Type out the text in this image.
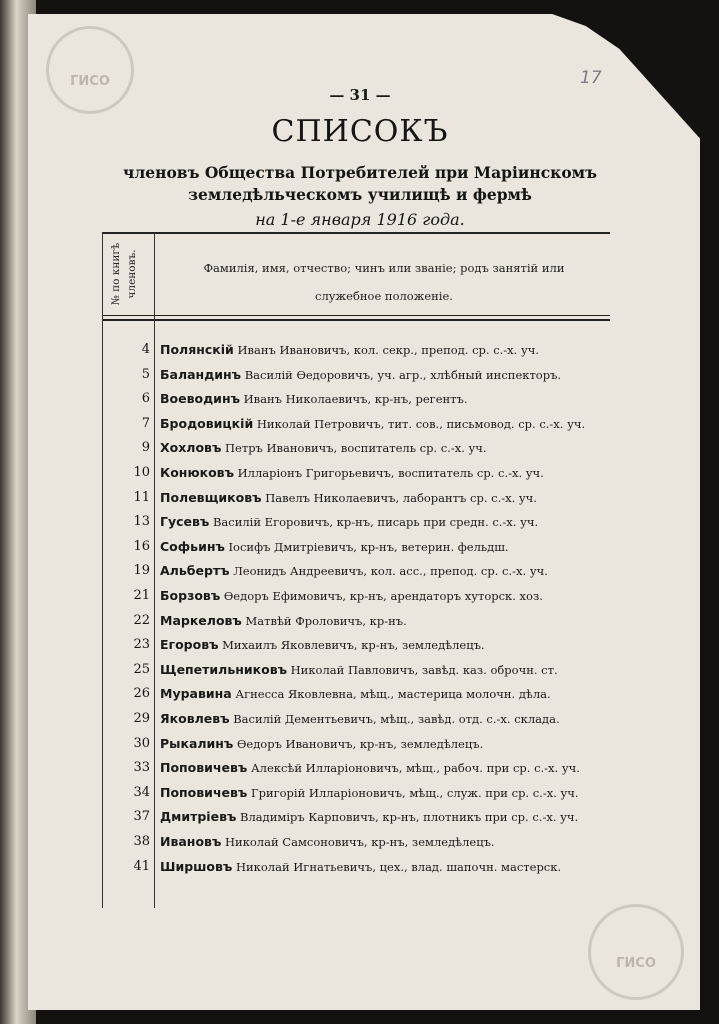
ГИСО
ГИСО
— 31 —
17
СПИСОКЪ
членовъ Общества Потребителей при Маріинскомъ
земледѣльческомъ училищѣ и фермѣ
на 1-е января 1916 года.
№ по книгѣ членовъ.	Фамилія, имя, отчество; чинъ или званіе; родъ занятій или
служебное положеніе.
4 Полянскій Иванъ Ивановичъ, кол. секр., препод. ср. с.-х. уч.
5 Баландинъ Василій Ѳедоровичъ, уч. агр., хлѣбный инспекторъ.
6 Воеводинъ Иванъ Николаевичъ, кр-нъ, регентъ.
7 Бродовицкій Николай Петровичъ, тит. сов., письмовод. ср. с.-х. уч.
9 Хохловъ Петръ Ивановичъ, воспитатель ср. с.-х. уч.
10 Конюковъ Илларіонъ Григорьевичъ, воспитатель ср. с.-х. уч.
11 Полевщиковъ Павелъ Николаевичъ, лаборантъ ср. с.-х. уч.
13 Гусевъ Василій Егоровичъ, кр-нъ, писарь при средн. с.-х. уч.
16 Софьинъ Іосифъ Дмитріевичъ, кр-нъ, ветерин. фельдш.
19 Альбертъ Леонидъ Андреевичъ, кол. асс., препод. ср. с.-х. уч.
21 Борзовъ Ѳедоръ Ефимовичъ, кр-нъ, арендаторъ хуторск. хоз.
22 Маркеловъ Матвѣй Фроловичъ, кр-нъ.
23 Егоровъ Михаилъ Яковлевичъ, кр-нъ, земледѣлецъ.
25 Щепетильниковъ Николай Павловичъ, завѣд. каз. оброчн. ст.
26 Муравина Агнесса Яковлевна, мѣщ., мастерица молочн. дѣла.
29 Яковлевъ Василій Дементьевичъ, мѣщ., завѣд. отд. с.-х. склада.
30 Рыкалинъ Ѳедоръ Ивановичъ, кр-нъ, земледѣлецъ.
33 Поповичевъ Алексѣй Илларіоновичъ, мѣщ., рабоч. при ср. с.-х. уч.
34 Поповичевъ Григорій Илларіоновичъ, мѣщ., служ. при ср. с.-х. уч.
37 Дмитріевъ Владиміръ Карповичъ, кр-нъ, плотникъ при ср. с.-х. уч.
38 Ивановъ Николай Самсоновичъ, кр-нъ, земледѣлецъ.
41 Ширшовъ Николай Игнатьевичъ, цех., влад. шапочн. мастерск.
